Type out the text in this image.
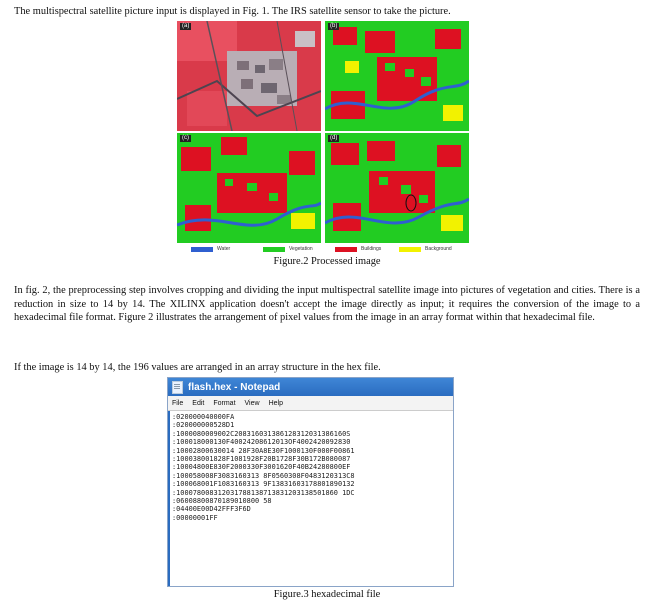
The multispectral satellite picture input is displayed in Fig. 1. The IRS satellite sensor to take the picture.

(a)	(b)
(c)	(d)
Water	Vegetation	Buildings	Background

Figure.2 Processed image

In fig. 2, the preprocessing step involves cropping and dividing the input multispectral satellite image into pictures of vegetation and cities. There is a reduction in size to 14 by 14. The XILINX application doesn't accept the image directly as input; it requires the conversion of the image to a hexadecimal file format. Figure 2 illustrates the arrangement of pixel values from the image in an array format within that hexadecimal file.

If the image is 14 by 14, the 196 values are arranged in an array structure in the hex file.

flash.hex - Notepad
File Edit Format View Help
:020000040000FA
:020000000528D1
:1000080009002C208316031386128312031386160S
:100018000130F40024208612013OF4002420092830
:10002800630014 28F30A8E30F1000130F000F00861
:100038001828F1081928F20B1728F30B172B080087
:10004800E830F2000330F3001620F40B24280800EF
:100058008F3083160313 8F0560308F0483120313C8
:100068001F1083160313 9F13831603178801890132
:100078008312031788138713831203138501860 1DC
:06008800870189010800 58
:04400E00D42FFF3F6D
:00000001FF

Figure.3 hexadecimal file
